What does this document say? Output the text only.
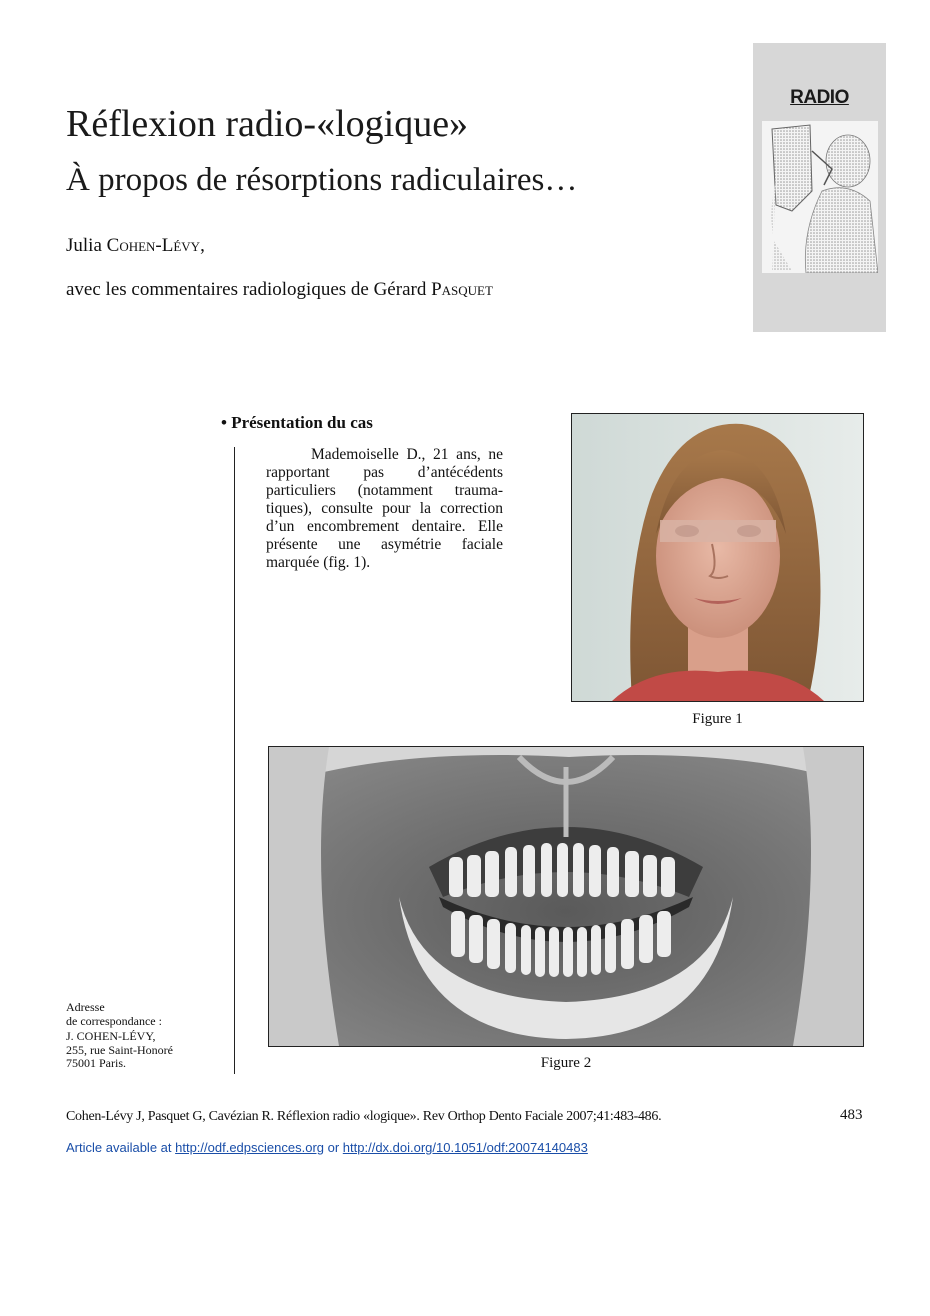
Réflexion radio-«logique»
À propos de résorptions radiculaires…
Julia Cohen-Lévy,
avec les commentaires radiologiques de Gérard Pasquet
RADIO
• Présentation du cas
Mademoiselle D., 21 ans, ne rapportant pas d’antécédents particuliers (notamment traumatiques), consulte pour la correction d’un encombrement dentaire. Elle présente une asymétrie faciale marquée (fig. 1).
Figure 1
Figure 2
Adresse
de correspondance :
J. COHEN-LÉVY,
255, rue Saint-Honoré
75001 Paris.
Cohen-Lévy J, Pasquet G, Cavézian R. Réflexion radio «logique». Rev Orthop Dento Faciale 2007;41:483-486.	483
Article available at http://odf.edpsciences.org or http://dx.doi.org/10.1051/odf:20074140483
